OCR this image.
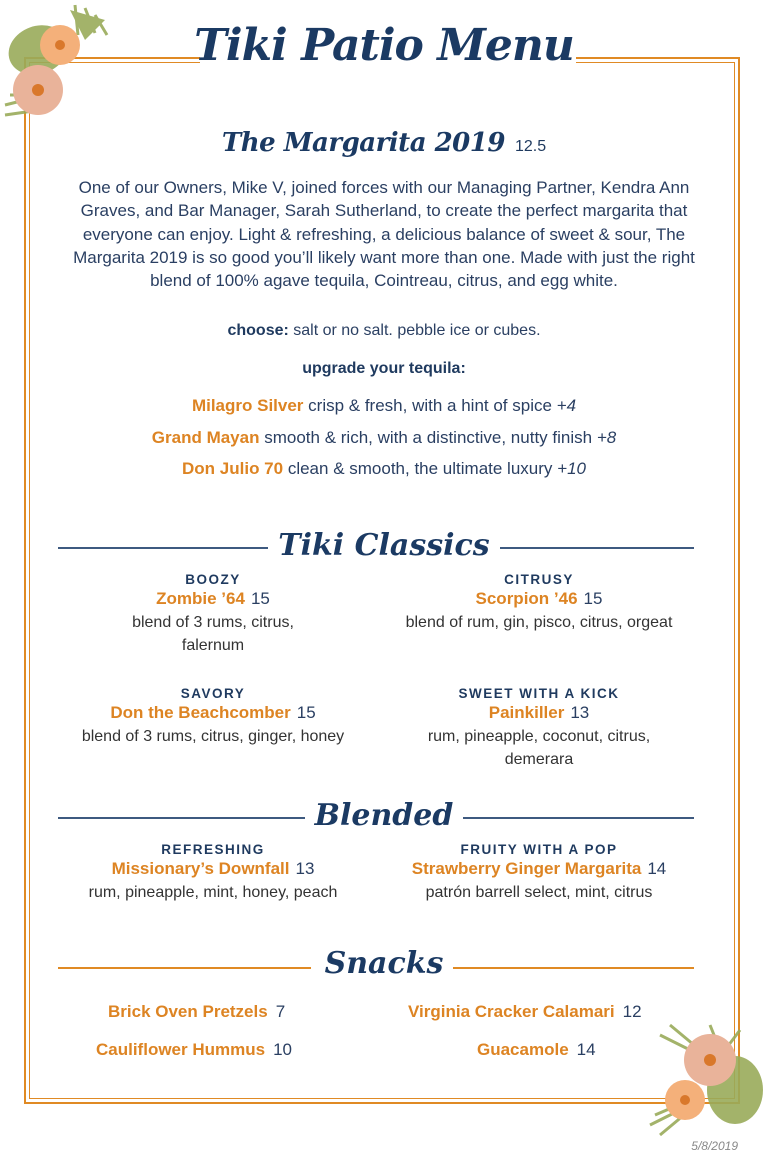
Tiki Patio Menu
The Margarita 2019 12.5
One of our Owners, Mike V, joined forces with our Managing Partner, Kendra Ann Graves, and Bar Manager, Sarah Sutherland, to create the perfect margarita that everyone can enjoy. Light & refreshing, a delicious balance of sweet & sour, The Margarita 2019 is so good you’ll likely want more than one. Made with just the right blend of 100% agave tequila, Cointreau, citrus, and egg white.
choose: salt or no salt. pebble ice or cubes.
upgrade your tequila:
Milagro Silver crisp & fresh, with a hint of spice +4
Grand Mayan smooth & rich, with a distinctive, nutty finish +8
Don Julio 70 clean & smooth, the ultimate luxury +10
Tiki Classics
BOOZY
Zombie ’64 15
blend of 3 rums, citrus, falernum
CITRUSY
Scorpion ’46 15
blend of rum, gin, pisco, citrus, orgeat
SAVORY
Don the Beachcomber 15
blend of 3 rums, citrus, ginger, honey
SWEET WITH A KICK
Painkiller 13
rum, pineapple, coconut, citrus, demerara
Blended
REFRESHING
Missionary’s Downfall 13
rum, pineapple, mint, honey, peach
FRUITY WITH A POP
Strawberry Ginger Margarita 14
patrón barrell select, mint, citrus
Snacks
Brick Oven Pretzels 7	Virginia Cracker Calamari 12
Cauliflower Hummus 10	Guacamole 14
5/8/2019
